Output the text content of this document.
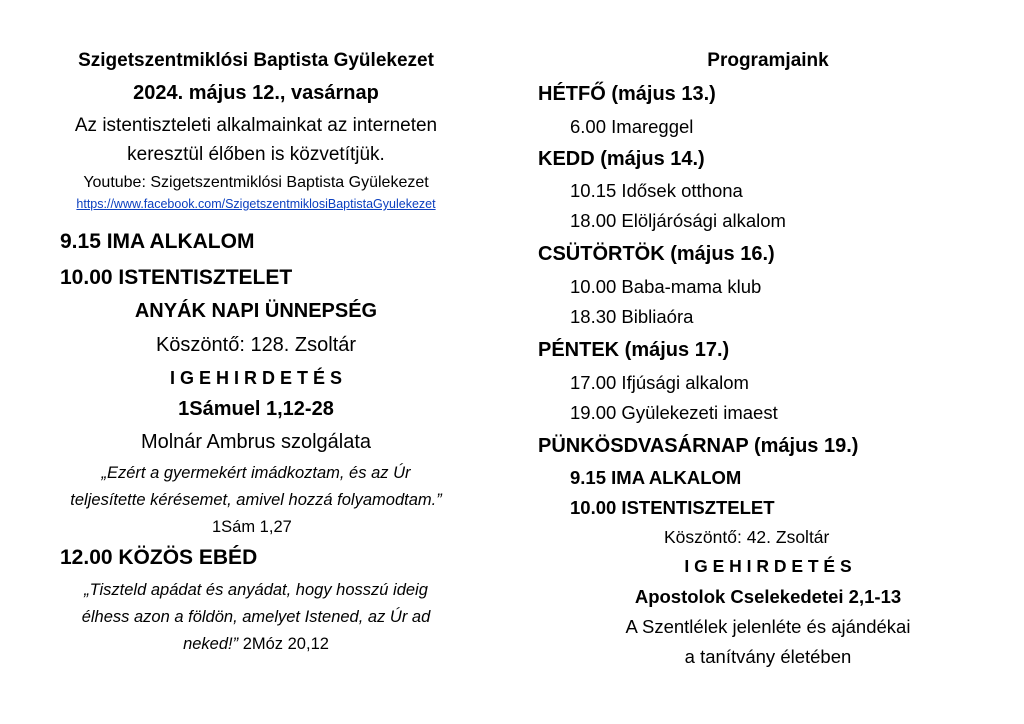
Szigetszentmiklósi Baptista Gyülekezet
2024. május 12., vasárnap
Az istentiszteleti alkalmainkat az interneten
keresztül élőben is közvetítjük.
Youtube: Szigetszentmiklósi Baptista Gyülekezet
https://www.facebook.com/SzigetszentmiklosiBaptistaGyulekezet
9.15 IMA ALKALOM
10.00 ISTENTISZTELET
ANYÁK NAPI ÜNNEPSÉG
Köszöntő: 128. Zsoltár
I G E H I R D E T É S
1Sámuel 1,12-28
Molnár Ambrus szolgálata
„Ezért a gyermekért imádkoztam, és az Úr
teljesítette kérésemet, amivel hozzá folyamodtam.”
1Sám 1,27
12.00 KÖZÖS EBÉD
„Tiszteld apádat és anyádat, hogy hosszú ideig
élhess azon a földön, amelyet Istened, az Úr ad
neked!” 2Móz 20,12
Programjaink
HÉTFŐ (május 13.)
6.00 Imareggel
KEDD (május 14.)
10.15 Idősek otthona
18.00 Elöljárósági alkalom
CSÜTÖRTÖK (május 16.)
10.00 Baba-mama klub
18.30 Bibliaóra
PÉNTEK (május 17.)
17.00 Ifjúsági alkalom
19.00 Gyülekezeti imaest
PÜNKÖSDVASÁRNAP (május 19.)
9.15 IMA ALKALOM
10.00 ISTENTISZTELET
Köszöntő: 42. Zsoltár
I G E H I R D E T É S
Apostolok Cselekedetei 2,1-13
A Szentlélek jelenléte és ajándékai
a tanítvány életében
